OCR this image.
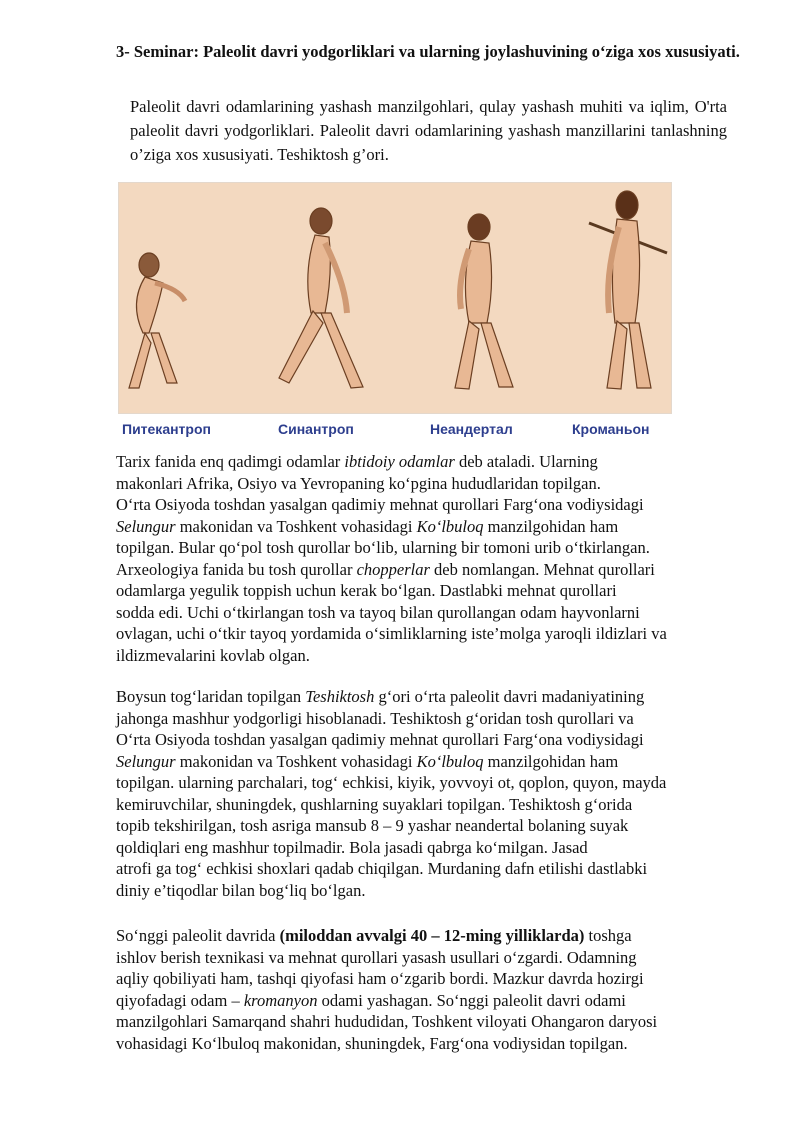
3- Seminar: Paleolit davri yodgorliklari va ularning joylashuvining o‘ziga xos xususiyati.
Paleolit davri odamlarining yashash manzilgohlari, qulay yashash muhiti va iqlim, O'rta paleolit davri yodgorliklari. Paleolit davri odamlarining yashash manzillarini tanlashning o’ziga xos xususiyati. Teshiktosh g’ori.
Питекантроп	Синантроп	Неандертал	Кроманьон
Tarix fanida enq qadimgi odamlar ibtidoiy odamlar deb ataladi. Ularning
makonlari Afrika, Osiyo va Yevropaning ko‘pgina hududlaridan topilgan.
O‘rta Osiyoda toshdan yasalgan qadimiy mehnat qurollari Farg‘ona vodiysidagi
Selungur makonidan va Toshkent vohasidagi Ko‘lbuloq manzilgohidan ham
topilgan. Bular qo‘pol tosh qurollar bo‘lib, ularning bir tomoni urib o‘tkirlangan.
Arxeologiya fanida bu tosh qurollar chopperlar deb nomlangan. Mehnat qurollari
odamlarga yegulik toppish uchun kerak bo‘lgan. Dastlabki mehnat qurollari
sodda edi. Uchi o‘tkirlangan tosh va tayoq bilan qurollangan odam hayvonlarni
ovlagan, uchi o‘tkir tayoq yordamida o‘simliklarning iste’molga yaroqli ildizlari va
ildizmevalarini kovlab olgan.
Boysun tog‘laridan topilgan Teshiktosh g‘ori o‘rta paleolit davri madaniyatining
jahonga mashhur yodgorligi hisoblanadi. Teshiktosh g‘oridan tosh qurollari va
O‘rta Osiyoda toshdan yasalgan qadimiy mehnat qurollari Farg‘ona vodiysidagi
Selungur makonidan va Toshkent vohasidagi Ko‘lbuloq manzilgohidan ham
topilgan. ularning parchalari, tog‘ echkisi, kiyik, yovvoyi ot, qoplon, quyon, mayda
kemiruvchilar, shuningdek, qushlarning suyaklari topilgan. Teshiktosh g‘orida
topib tekshirilgan, tosh asriga mansub 8 – 9 yashar neandertal bolaning suyak
qoldiqlari eng mashhur topilmadir. Bola jasadi qabrga ko‘milgan. Jasad
atrofi ga tog‘ echkisi shoxlari qadab chiqilgan. Murdaning dafn etilishi dastlabki
diniy e’tiqodlar bilan bog‘liq bo‘lgan.
So‘nggi paleolit davrida (miloddan avvalgi 40 – 12-ming yilliklarda) toshga
ishlov berish texnikasi va mehnat qurollari yasash usullari o‘zgardi. Odamning
aqliy qobiliyati ham, tashqi qiyofasi ham o‘zgarib bordi. Mazkur davrda hozirgi
qiyofadagi odam – kromanyon odami yashagan. So‘nggi paleolit davri odami
manzilgohlari Samarqand shahri hududidan, Toshkent viloyati Ohangaron daryosi
vohasidagi Ko‘lbuloq makonidan, shuningdek, Farg‘ona vodiysidan topilgan.
